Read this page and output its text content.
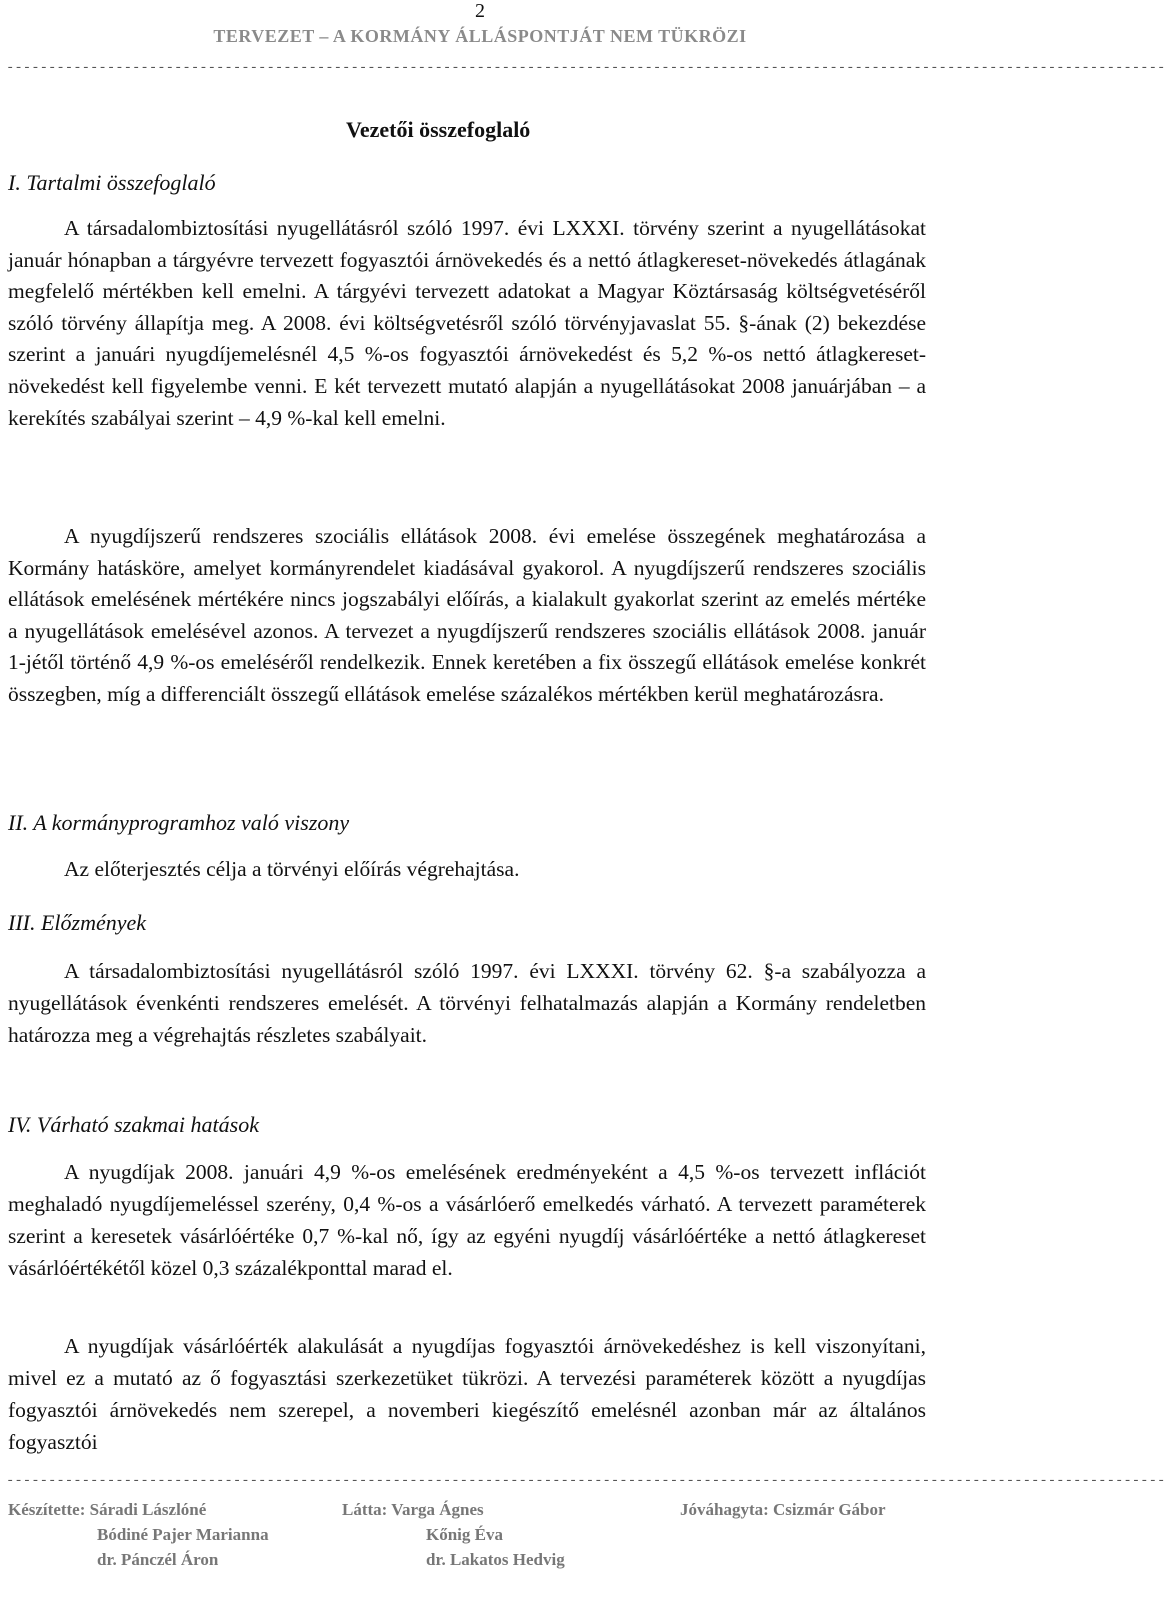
2
TERVEZET – A KORMÁNY ÁLLÁSPONTJÁT NEM TÜKRÖZI
------------------------------------------------------------------------------------------------------------------------------------------
Vezetői összefoglaló
I. Tartalmi összefoglaló

A társadalombiztosítási nyugellátásról szóló 1997. évi LXXXI. törvény szerint a nyugellátásokat január hónapban a tárgyévre tervezett fogyasztói árnövekedés és a nettó átlagkereset-növekedés átlagának megfelelő mértékben kell emelni. A tárgyévi tervezett adatokat a Magyar Köztársaság költségvetéséről szóló törvény állapítja meg. A 2008. évi költségvetésről szóló törvényjavaslat 55. §-ának (2) bekezdése szerint a januári nyugdíjemelésnél 4,5 %-os fogyasztói árnövekedést és 5,2 %-os nettó átlagkereset-növekedést kell figyelembe venni. E két tervezett mutató alapján a nyugellátásokat 2008 januárjában – a kerekítés szabályai szerint – 4,9 %-kal kell emelni.

A nyugdíjszerű rendszeres szociális ellátások 2008. évi emelése összegének meghatározása a Kormány hatásköre, amelyet kormányrendelet kiadásával gyakorol. A nyugdíjszerű rendszeres szociális ellátások emelésének mértékére nincs jogszabályi előírás, a kialakult gyakorlat szerint az emelés mértéke a nyugellátások emelésével azonos. A tervezet a nyugdíjszerű rendszeres szociális ellátások 2008. január 1-jétől történő 4,9 %-os emeléséről rendelkezik. Ennek keretében a fix összegű ellátások emelése konkrét összegben, míg a differenciált összegű ellátások emelése százalékos mértékben kerül meghatározásra.

II. A kormányprogramhoz való viszony

Az előterjesztés célja a törvényi előírás végrehajtása.

III. Előzmények

A társadalombiztosítási nyugellátásról szóló 1997. évi LXXXI. törvény 62. §-a szabályozza a nyugellátások évenkénti rendszeres emelését. A törvényi felhatalmazás alapján a Kormány rendeletben határozza meg a végrehajtás részletes szabályait.

IV. Várható szakmai hatások

A nyugdíjak 2008. januári 4,9 %-os emelésének eredményeként a 4,5 %-os tervezett inflációt meghaladó nyugdíjemeléssel szerény, 0,4 %-os a vásárlóerő emelkedés várható. A tervezett paraméterek szerint a keresetek vásárlóértéke 0,7 %-kal nő, így az egyéni nyugdíj vásárlóértéke a nettó átlagkereset vásárlóértékétől közel 0,3 százalékponttal marad el.

A nyugdíjak vásárlóérték alakulását a nyugdíjas fogyasztói árnövekedéshez is kell viszonyítani, mivel ez a mutató az ő fogyasztási szerkezetüket tükrözi. A tervezési paraméterek között a nyugdíjas fogyasztói árnövekedés nem szerepel, a novemberi kiegészítő emelésnél azonban már az általános fogyasztói

------------------------------------------------------------------------------------------------------------------------------------------
Készítette: Sáradi Lászlóné
Bódiné Pajer Marianna
dr. Pánczél Áron
Látta: Varga Ágnes
Kőnig Éva
dr. Lakatos Hedvig
Jóváhagyta: Csizmár Gábor
